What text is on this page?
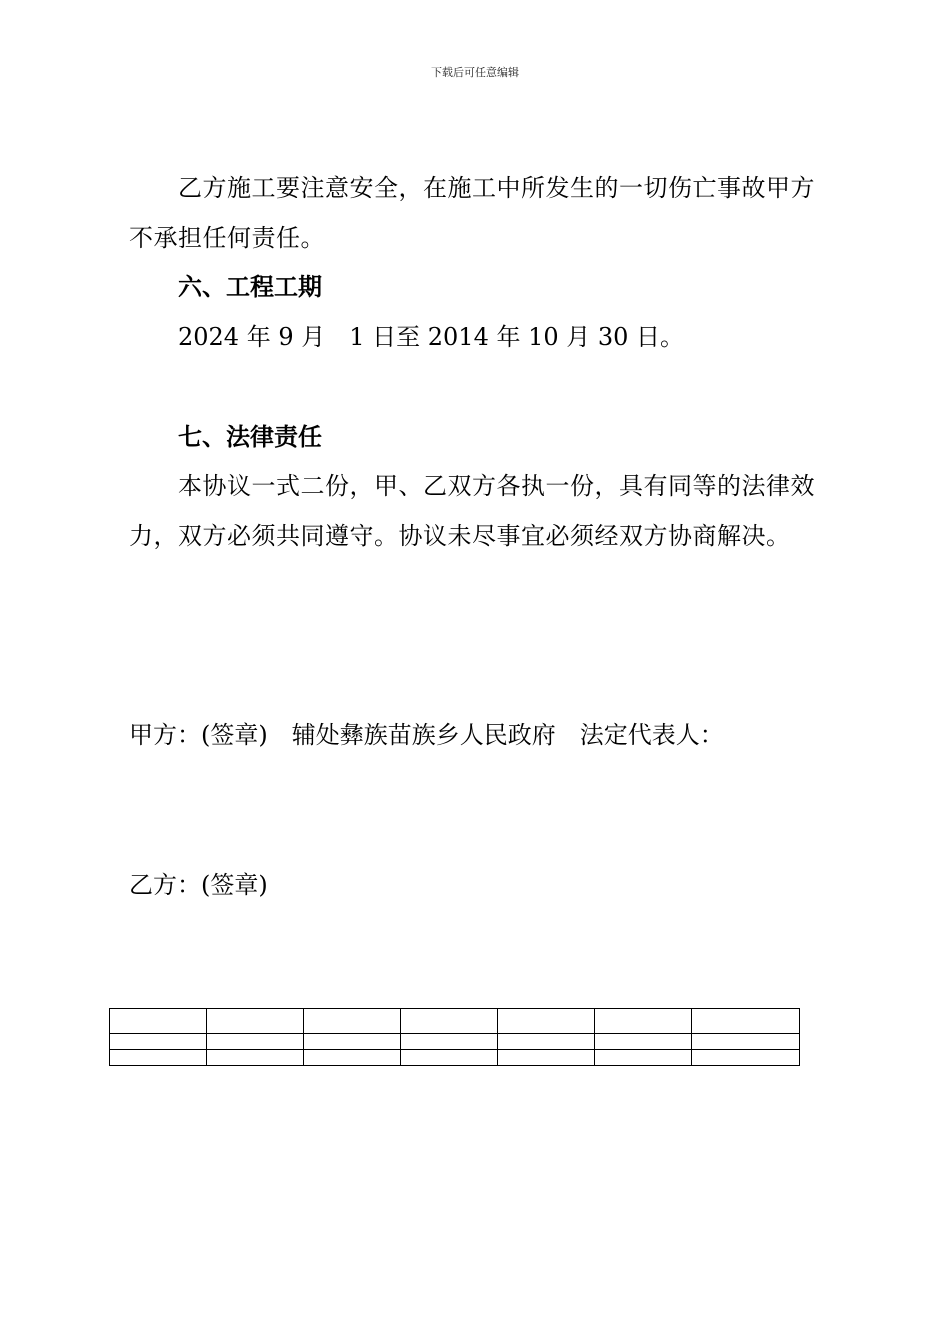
下载后可任意编辑

乙方施工要注意安全，在施工中所发生的一切伤亡事故甲方不承担任何责任。

六、工程工期

2024 年 9 月　1 日至 2014 年 10 月 30 日。

七、法律责任

本协议一式二份，甲、乙双方各执一份，具有同等的法律效力，双方必须共同遵守。协议未尽事宜必须经双方协商解决。

甲方：(签章)　辅处彝族苗族乡人民政府　法定代表人：

乙方：(签章)
